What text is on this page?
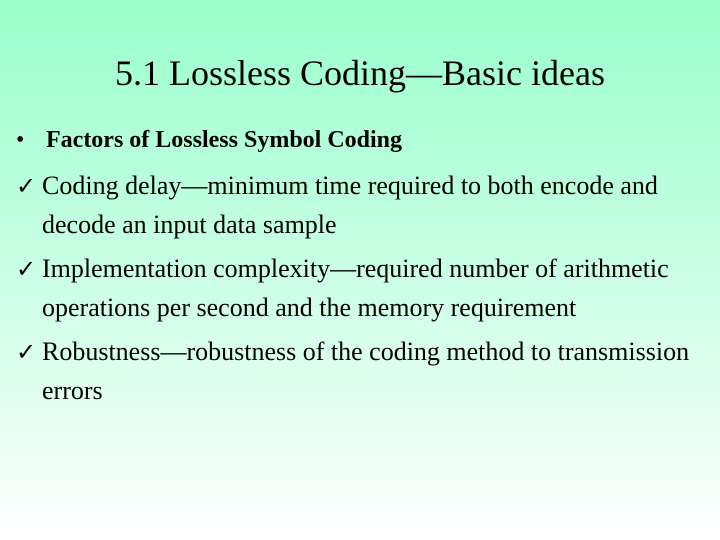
5.1 Lossless Coding—Basic ideas
• Factors of Lossless Symbol Coding
✓ Coding delay—minimum time required to both encode and decode an input data sample
✓ Implementation complexity—required number of arithmetic operations per second and the memory requirement
✓ Robustness—robustness of the coding method to transmission errors
